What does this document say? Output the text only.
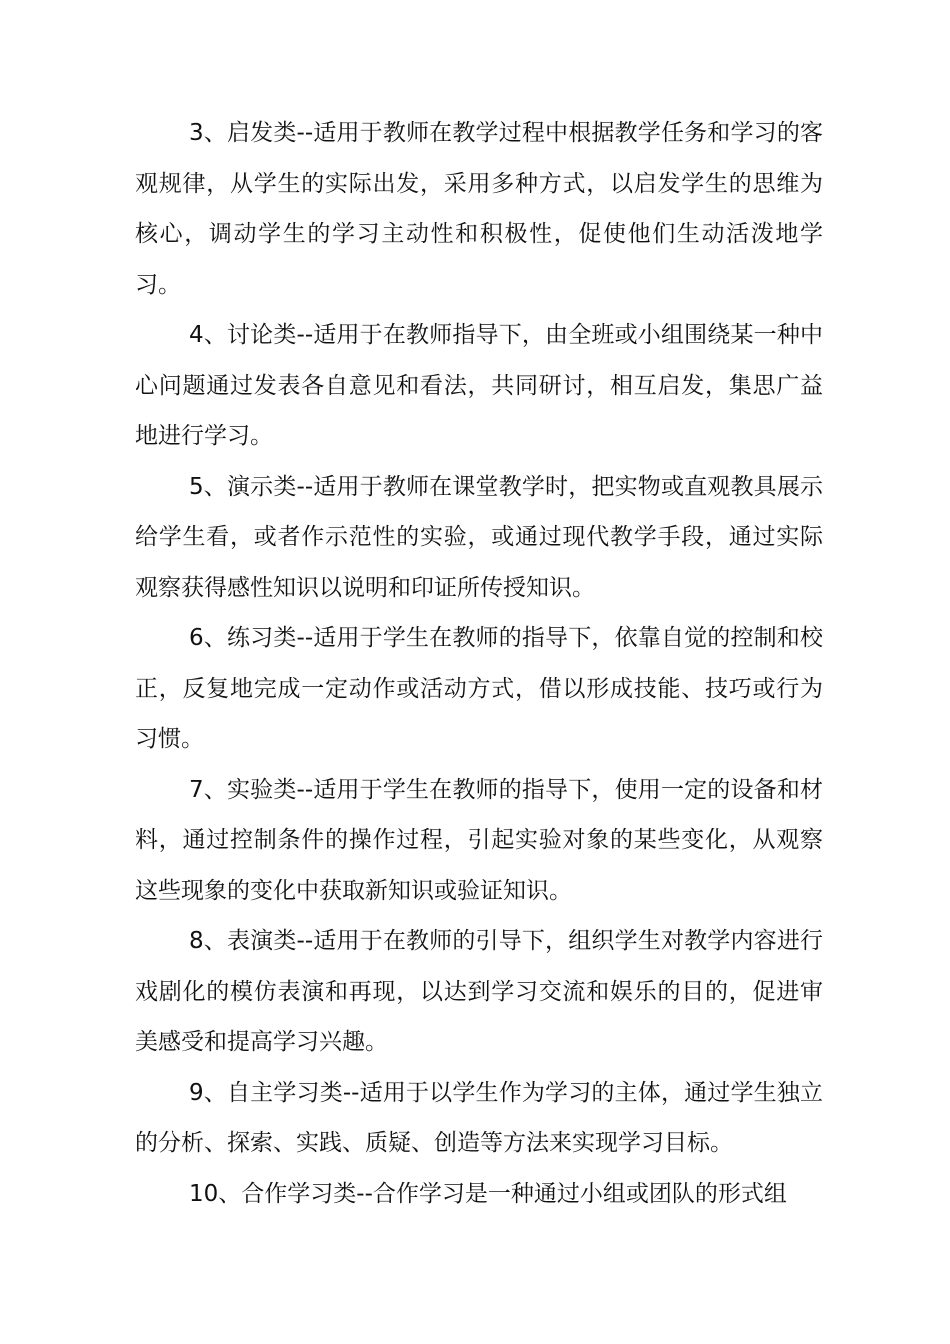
3、启发类--适用于教师在教学过程中根据教学任务和学习的客观规律，从学生的实际出发，采用多种方式，以启发学生的思维为核心，调动学生的学习主动性和积极性，促使他们生动活泼地学习。

4、讨论类--适用于在教师指导下，由全班或小组围绕某一种中心问题通过发表各自意见和看法，共同研讨，相互启发，集思广益地进行学习。

5、演示类--适用于教师在课堂教学时，把实物或直观教具展示给学生看，或者作示范性的实验，或通过现代教学手段，通过实际观察获得感性知识以说明和印证所传授知识。

6、练习类--适用于学生在教师的指导下，依靠自觉的控制和校正，反复地完成一定动作或活动方式，借以形成技能、技巧或行为习惯。

7、实验类--适用于学生在教师的指导下，使用一定的设备和材料，通过控制条件的操作过程，引起实验对象的某些变化，从观察这些现象的变化中获取新知识或验证知识。

8、表演类--适用于在教师的引导下，组织学生对教学内容进行戏剧化的模仿表演和再现，以达到学习交流和娱乐的目的，促进审美感受和提高学习兴趣。

9、自主学习类--适用于以学生作为学习的主体，通过学生独立的分析、探索、实践、质疑、创造等方法来实现学习目标。

10、合作学习类--合作学习是一种通过小组或团队的形式组
